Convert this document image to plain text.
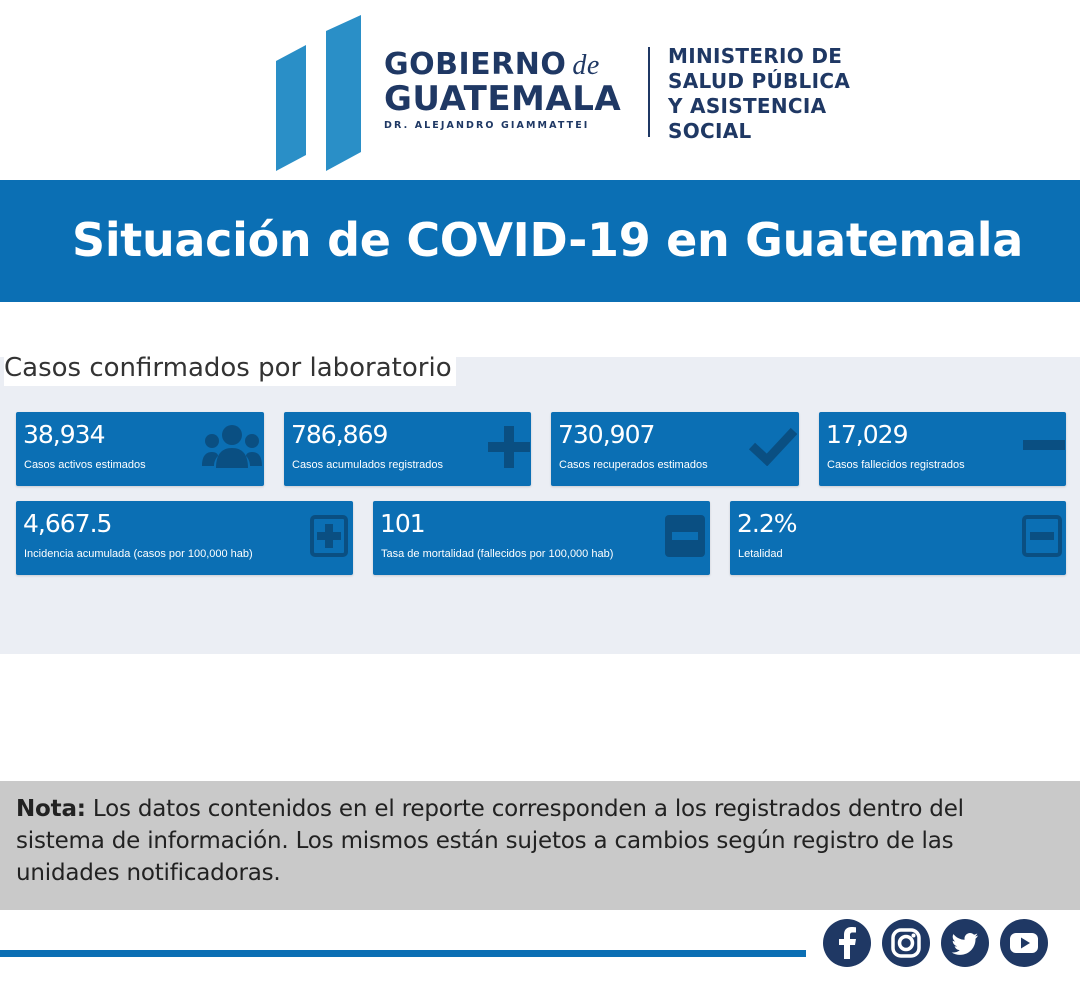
GOBIERNO de
GUATEMALA
DR. ALEJANDRO GIAMMATTEI
MINISTERIO DE
SALUD PÚBLICA
Y ASISTENCIA
SOCIAL
Situación de COVID-19 en Guatemala
Casos confirmados por laboratorio
38,934
Casos activos estimados
786,869
Casos acumulados registrados
730,907
Casos recuperados estimados
17,029
Casos fallecidos registrados
4,667.5
Incidencia acumulada (casos por 100,000 hab)
101
Tasa de mortalidad (fallecidos por 100,000 hab)
2.2%
Letalidad

Nota: Los datos contenidos en el reporte corresponden a los registrados dentro del sistema de información. Los mismos están sujetos a cambios según registro de las unidades notificadoras.
